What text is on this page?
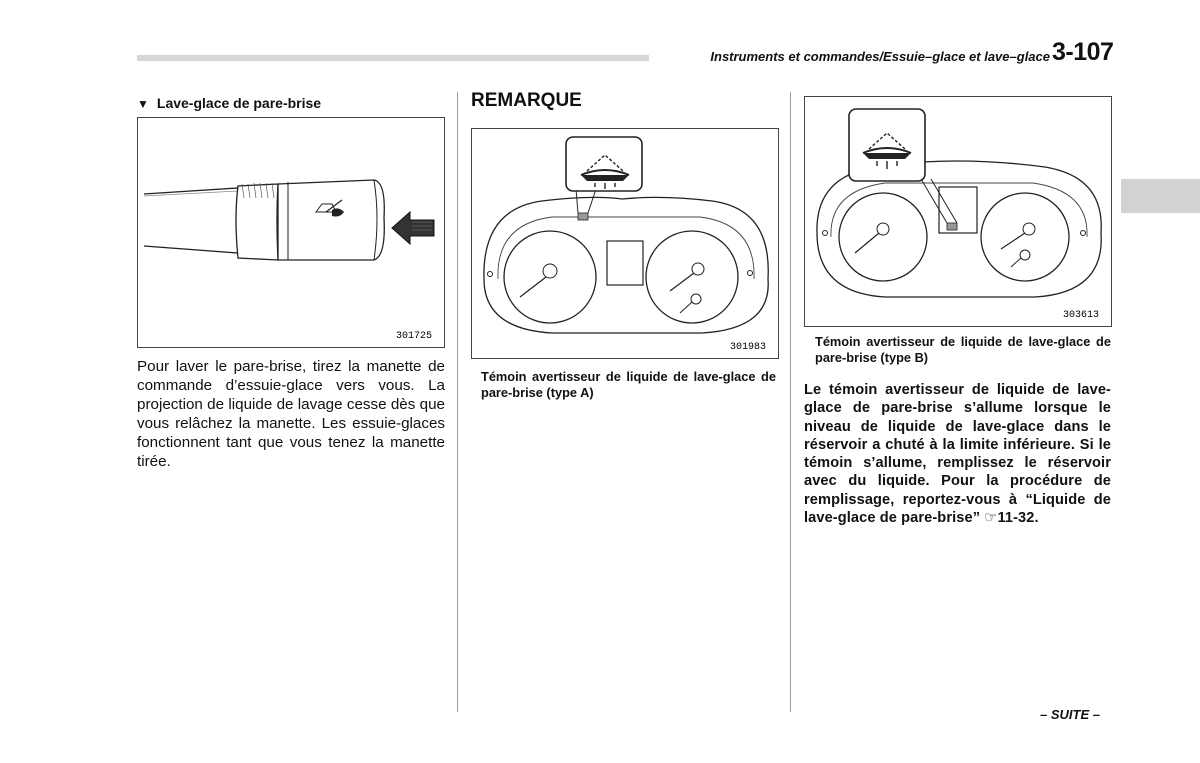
Instruments et commandes/Essuie–glace et lave–glace 3-107
▼ Lave-glace de pare-brise
301725
Pour laver le pare-brise, tirez la manette de commande d’essuie-glace vers vous. La projection de liquide de lavage cesse dès que vous relâchez la manette. Les essuie-glaces fonctionnent tant que vous tenez la manette tirée.
REMARQUE
301983
Témoin avertisseur de liquide de lave-glace de pare-brise (type A)
303613
Témoin avertisseur de liquide de lave-glace de pare-brise (type B)
Le témoin avertisseur de liquide de lave-glace de pare-brise s’allume lorsque le niveau de liquide de lave-glace dans le réservoir a chuté à la limite inférieure. Si le témoin s’allume, remplissez le réservoir avec du liquide. Pour la procédure de remplissage, reportez-vous à “Liquide de lave-glace de pare-brise” ☞11-32.
– SUITE –
